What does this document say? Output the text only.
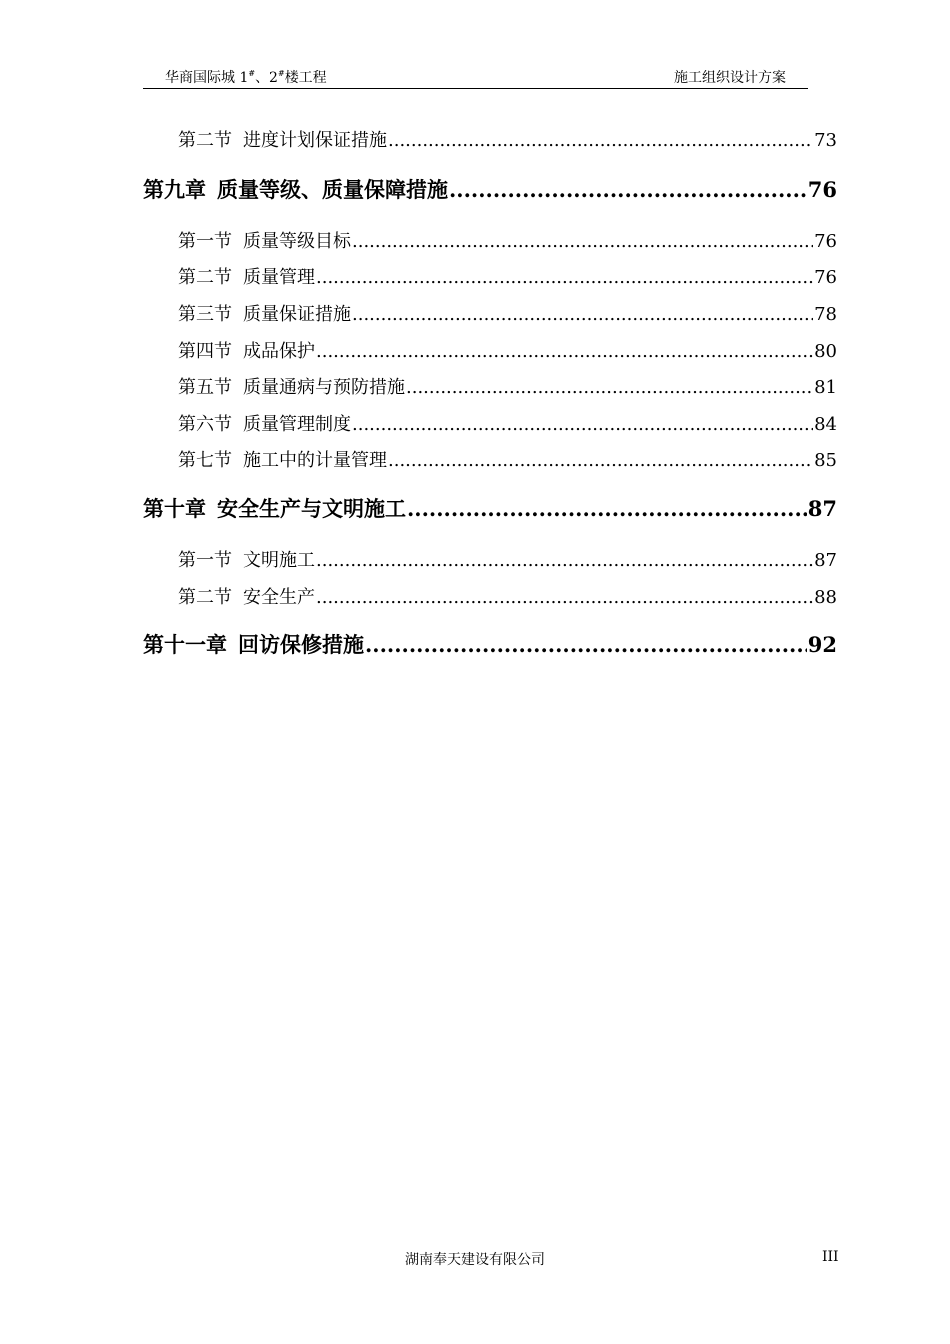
华商国际城 1#、2#楼工程	施工组织设计方案
第二节 进度计划保证措施 .....	73
第九章 质量等级、质量保障措施 .....	76
第一节 质量等级目标 .....	76
第二节 质量管理 .....	76
第三节 质量保证措施 .....	78
第四节 成品保护 .....	80
第五节 质量通病与预防措施 .....	81
第六节 质量管理制度 .....	84
第七节 施工中的计量管理 .....	85
第十章 安全生产与文明施工 .....	87
第一节 文明施工 .....	87
第二节 安全生产 .....	88
第十一章 回访保修措施 .....	92
湖南奉天建设有限公司	III
